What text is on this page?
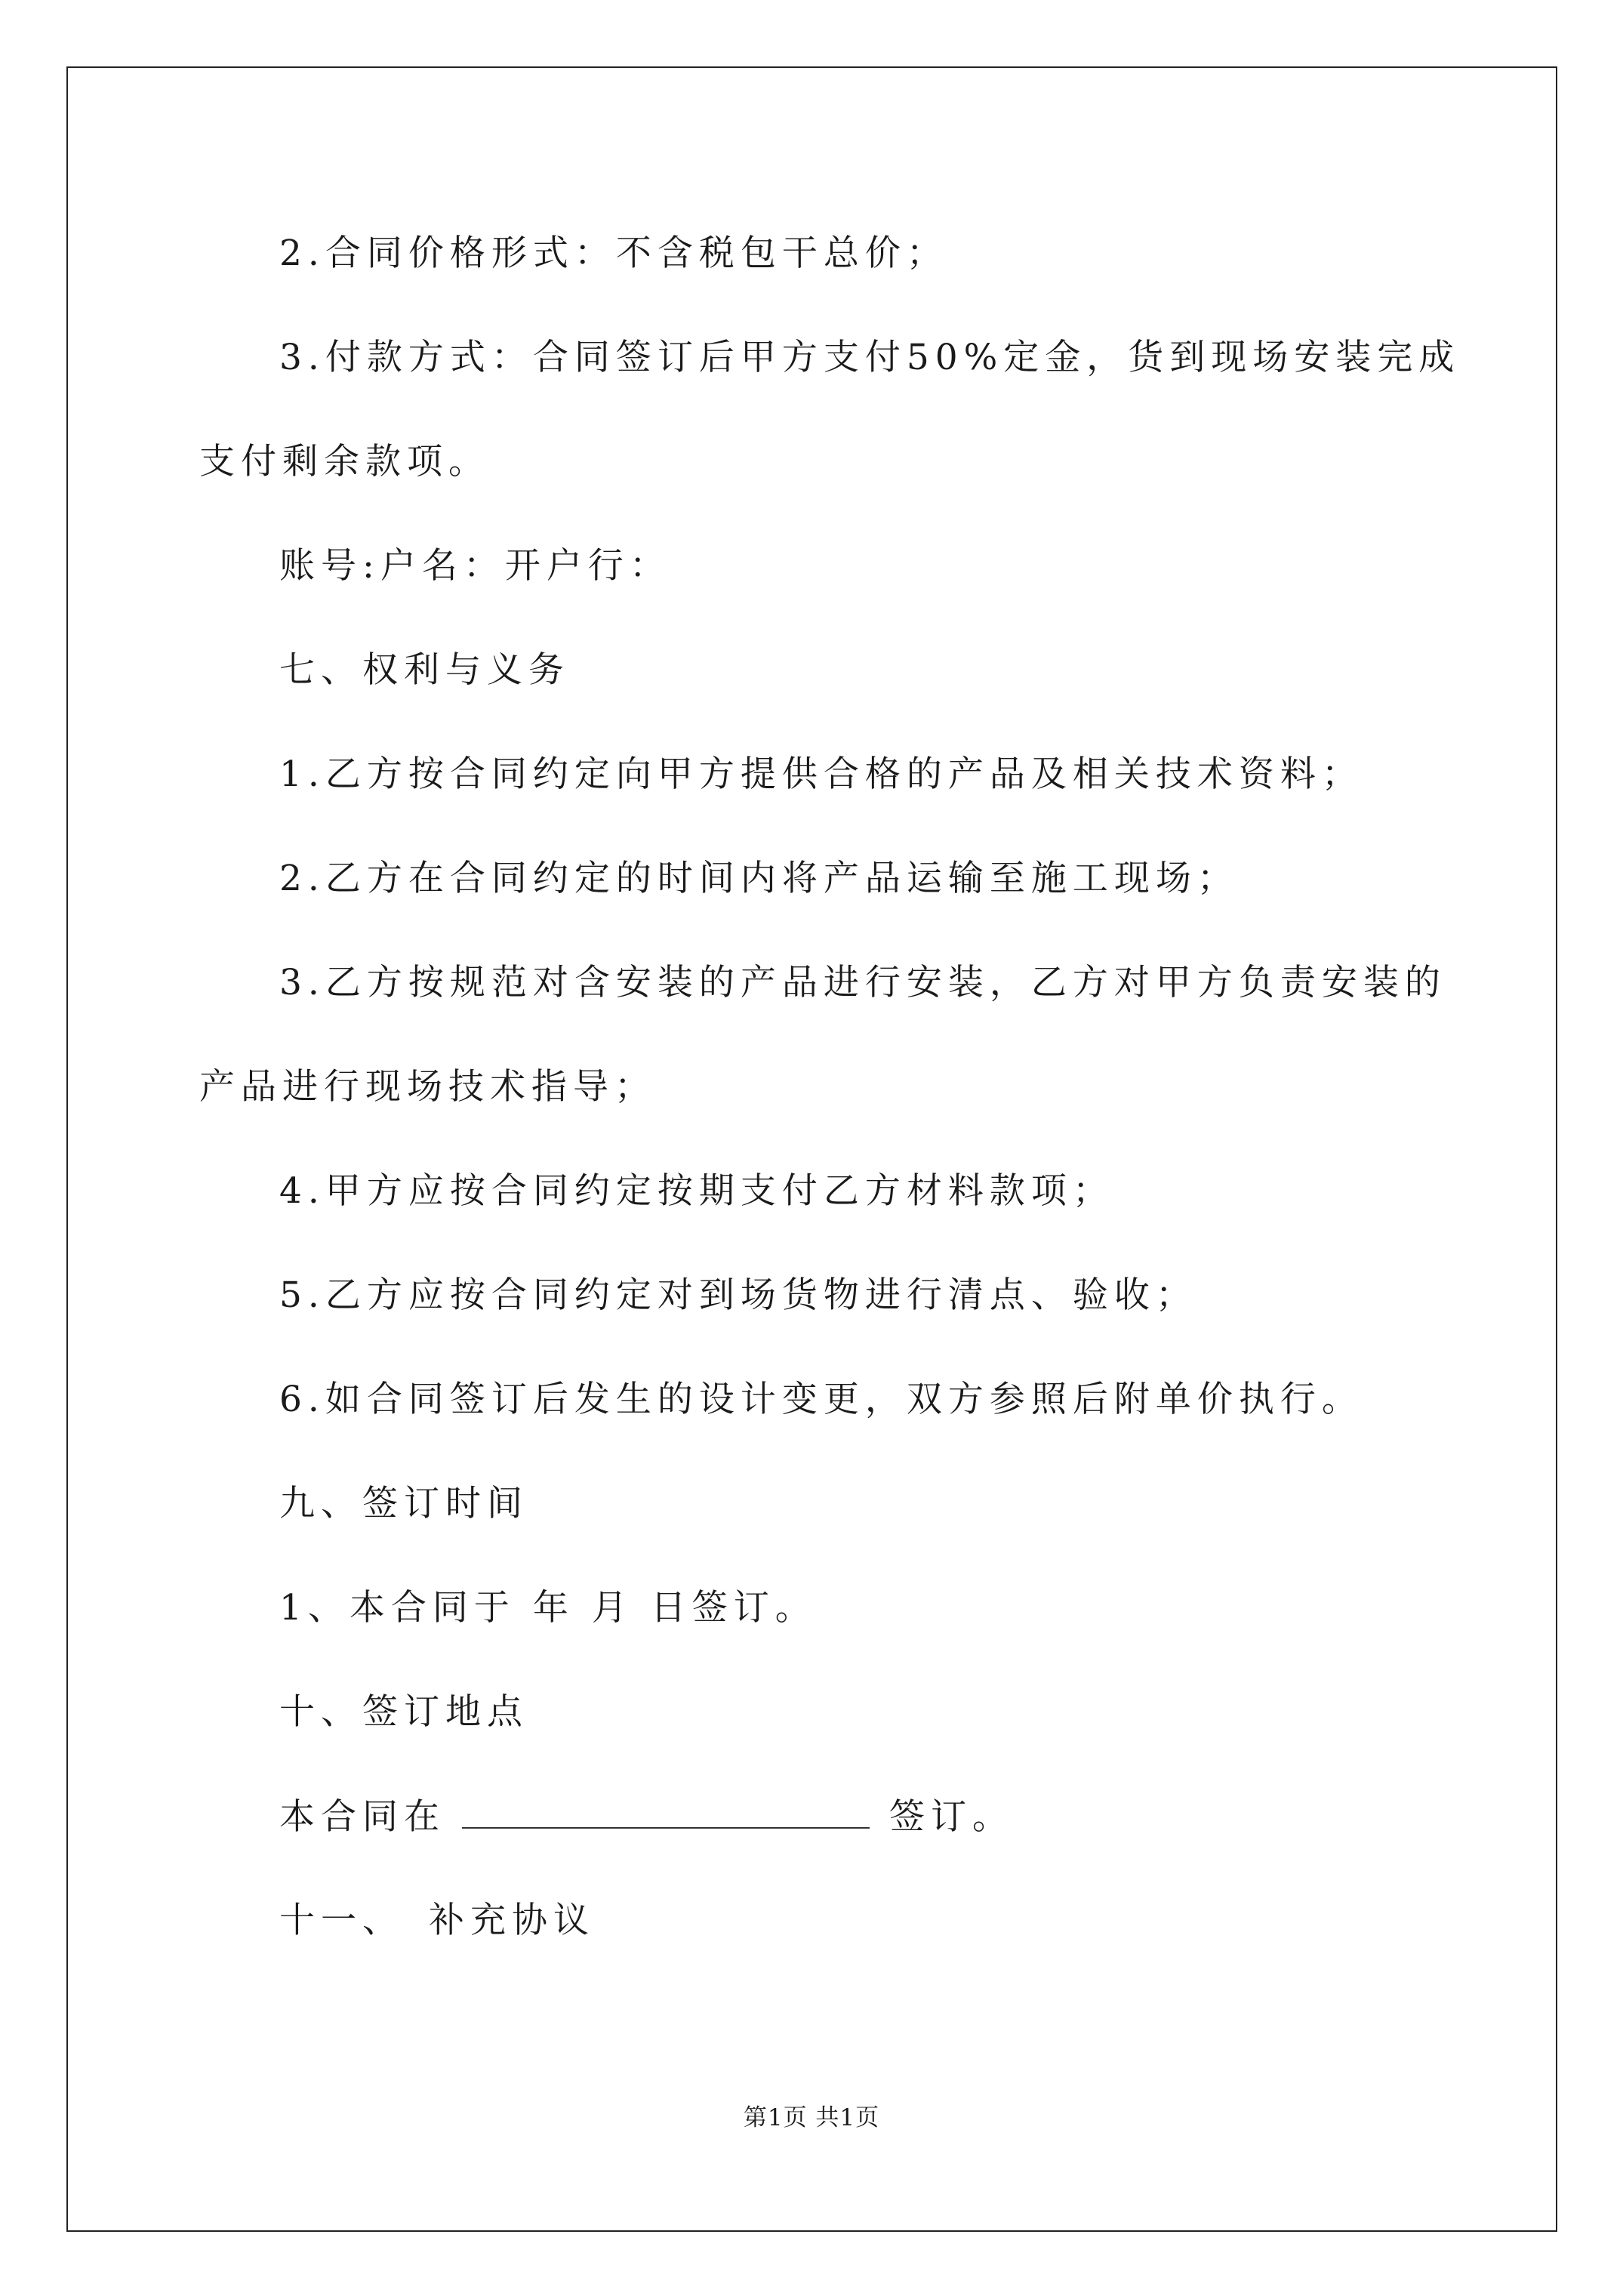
2.合同价格形式：不含税包干总价；
3.付款方式：合同签订后甲方支付50%定金，货到现场安装完成
支付剩余款项。
账号:户名：开户行：
七、权利与义务
1.乙方按合同约定向甲方提供合格的产品及相关技术资料；
2.乙方在合同约定的时间内将产品运输至施工现场；
3.乙方按规范对含安装的产品进行安装，乙方对甲方负责安装的
产品进行现场技术指导；
4.甲方应按合同约定按期支付乙方材料款项；
5.乙方应按合同约定对到场货物进行清点、验收；
6.如合同签订后发生的设计变更，双方参照后附单价执行。
九、签订时间
1、本合同于 年 月 日签订。
十、签订地点
本合同在	签订。
十一、 补充协议
第1页 共1页
